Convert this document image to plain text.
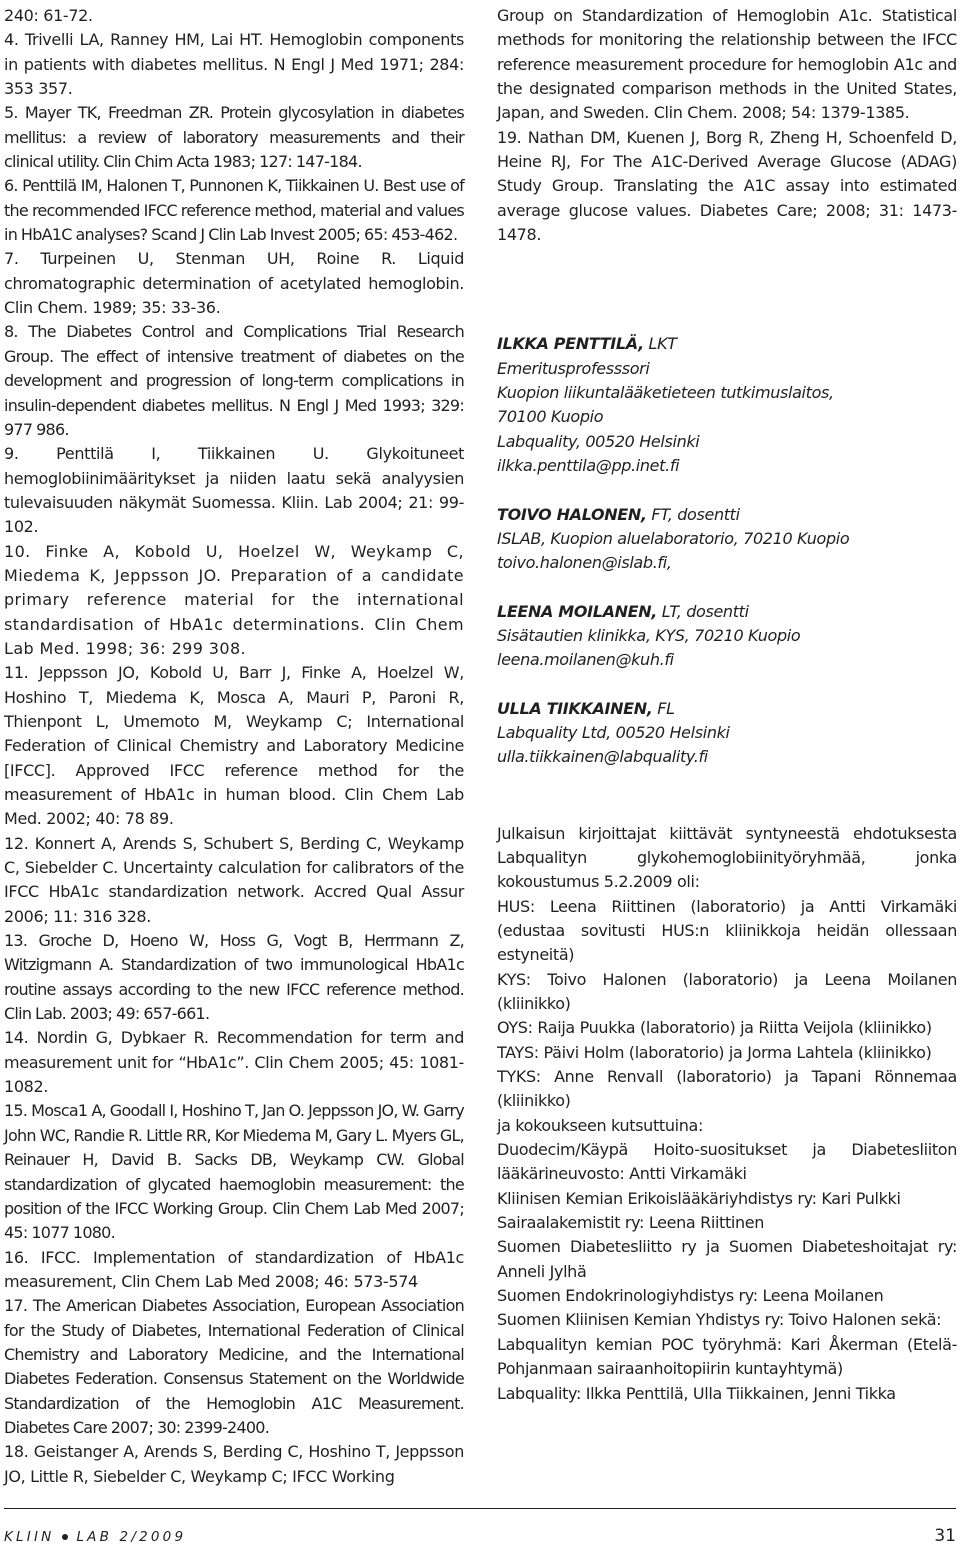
240: 61-72.

4. Trivelli LA, Ranney HM, Lai HT. Hemoglobin components in patients with diabetes mellitus. N Engl J Med 1971; 284: 353 357.

5. Mayer TK, Freedman ZR. Protein glycosylation in diabetes mellitus: a review of laboratory measurements and their clinical utility. Clin Chim Acta 1983; 127: 147-184.

6. Penttilä IM, Halonen T, Punnonen K, Tiikkainen U. Best use of the recommended IFCC reference method, material and values in HbA1C analyses? Scand J Clin Lab Invest 2005; 65: 453-462.

7. Turpeinen U, Stenman UH, Roine R. Liquid chromatographic determination of acetylated hemoglobin. Clin Chem. 1989; 35: 33-36.

8. The Diabetes Control and Complications Trial Research Group. The effect of intensive treatment of diabetes on the development and progression of long-term complications in insulin-dependent diabetes mellitus. N Engl J Med 1993; 329: 977 986.

9. Penttilä I, Tiikkainen U. Glykoituneet hemoglobiinimääritykset ja niiden laatu sekä analyysien tulevaisuuden näkymät Suomessa. Kliin. Lab 2004; 21: 99-102.

10. Finke A, Kobold U, Hoelzel W, Weykamp C, Miedema K, Jeppsson JO. Preparation of a candidate primary reference material for the international standardisation of HbA1c determinations. Clin Chem Lab Med. 1998; 36: 299 308.

11. Jeppsson JO, Kobold U, Barr J, Finke A, Hoelzel W, Hoshino T, Miedema K, Mosca A, Mauri P, Paroni R, Thienpont L, Umemoto M, Weykamp C; International Federation of Clinical Chemistry and Laboratory Medicine [IFCC]. Approved IFCC reference method for the measurement of HbA1c in human blood. Clin Chem Lab Med. 2002; 40: 78 89.

12. Konnert A, Arends S, Schubert S, Berding C, Weykamp C, Siebelder C. Uncertainty calculation for calibrators of the IFCC HbA1c standardization network. Accred Qual Assur 2006; 11: 316 328.

13. Groche D, Hoeno W, Hoss G, Vogt B, Herrmann Z, Witzigmann A. Standardization of two immunological HbA1c routine assays according to the new IFCC reference method. Clin Lab. 2003; 49: 657-661.

14. Nordin G, Dybkaer R. Recommendation for term and measurement unit for “HbA1c”. Clin Chem 2005; 45: 1081-1082.

15. Mosca1 A, Goodall I, Hoshino T, Jan O. Jeppsson JO, W. Garry John WC, Randie R. Little RR, Kor Miedema M, Gary L. Myers GL, Reinauer H, David B. Sacks DB, Weykamp CW. Global standardization of glycated haemoglobin measurement: the position of the IFCC Working Group. Clin Chem Lab Med 2007; 45: 1077 1080.

16. IFCC. Implementation of standardization of HbA1c measurement, Clin Chem Lab Med 2008; 46: 573-574

17. The American Diabetes Association, European Association for the Study of Diabetes, International Federation of Clinical Chemistry and Laboratory Medicine, and the International Diabetes Federation. Consensus Statement on the Worldwide Standardization of the Hemoglobin A1C Measurement. Diabetes Care 2007; 30: 2399-2400.

18. Geistanger A, Arends S, Berding C, Hoshino T, Jeppsson JO, Little R, Siebelder C, Weykamp C; IFCC Working

Group on Standardization of Hemoglobin A1c. Statistical methods for monitoring the relationship between the IFCC reference measurement procedure for hemoglobin A1c and the designated comparison methods in the United States, Japan, and Sweden. Clin Chem. 2008; 54: 1379-1385.

19. Nathan DM, Kuenen J, Borg R, Zheng H, Schoenfeld D, Heine RJ, For The A1C-Derived Average Glucose (ADAG) Study Group. Translating the A1C assay into estimated average glucose values. Diabetes Care; 2008; 31: 1473-1478.

ILKKA PENTTILÄ, LKT
Emeritusprofesssori
Kuopion liikuntalääketieteen tutkimuslaitos,
70100 Kuopio
Labquality, 00520 Helsinki
ilkka.penttila@pp.inet.fi
TOIVO HALONEN, FT, dosentti
ISLAB, Kuopion aluelaboratorio, 70210 Kuopio
toivo.halonen@islab.fi,
LEENA MOILANEN, LT, dosentti
Sisätautien klinikka, KYS, 70210 Kuopio
leena.moilanen@kuh.fi
ULLA TIIKKAINEN, FL
Labquality Ltd, 00520 Helsinki
ulla.tiikkainen@labquality.fi
Julkaisun kirjoittajat kiittävät syntyneestä ehdotuksesta Labqualityn glykohemoglobiinityöryhmää, jonka kokoustumus 5.2.2009 oli:
HUS: Leena Riittinen (laboratorio) ja Antti Virkamäki (edustaa sovitusti HUS:n kliinikkoja heidän ollessaan estyneitä)
KYS: Toivo Halonen (laboratorio) ja Leena Moilanen (kliinikko)
OYS: Raija Puukka (laboratorio) ja Riitta Veijola (kliinikko)
TAYS: Päivi Holm (laboratorio) ja Jorma Lahtela (kliinikko)
TYKS: Anne Renvall (laboratorio) ja Tapani Rönnemaa (kliinikko)
ja kokoukseen kutsuttuina:
Duodecim/Käypä Hoito-suositukset ja Diabetesliiton lääkärineuvosto: Antti Virkamäki
Kliinisen Kemian Erikoislääkäriyhdistys ry: Kari Pulkki
Sairaalakemistit ry: Leena Riittinen
Suomen Diabetesliitto ry ja Suomen Diabeteshoitajat ry: Anneli Jylhä
Suomen Endokrinologiyhdistys ry: Leena Moilanen
Suomen Kliinisen Kemian Yhdistys ry: Toivo Halonen sekä:
Labqualityn kemian POC työryhmä: Kari Åkerman (Etelä-Pohjanmaan sairaanhoitopiirin kuntayhtymä)
Labquality: Ilkka Penttilä, Ulla Tiikkainen, Jenni Tikka
KLIIN LAB 2/2009	31
